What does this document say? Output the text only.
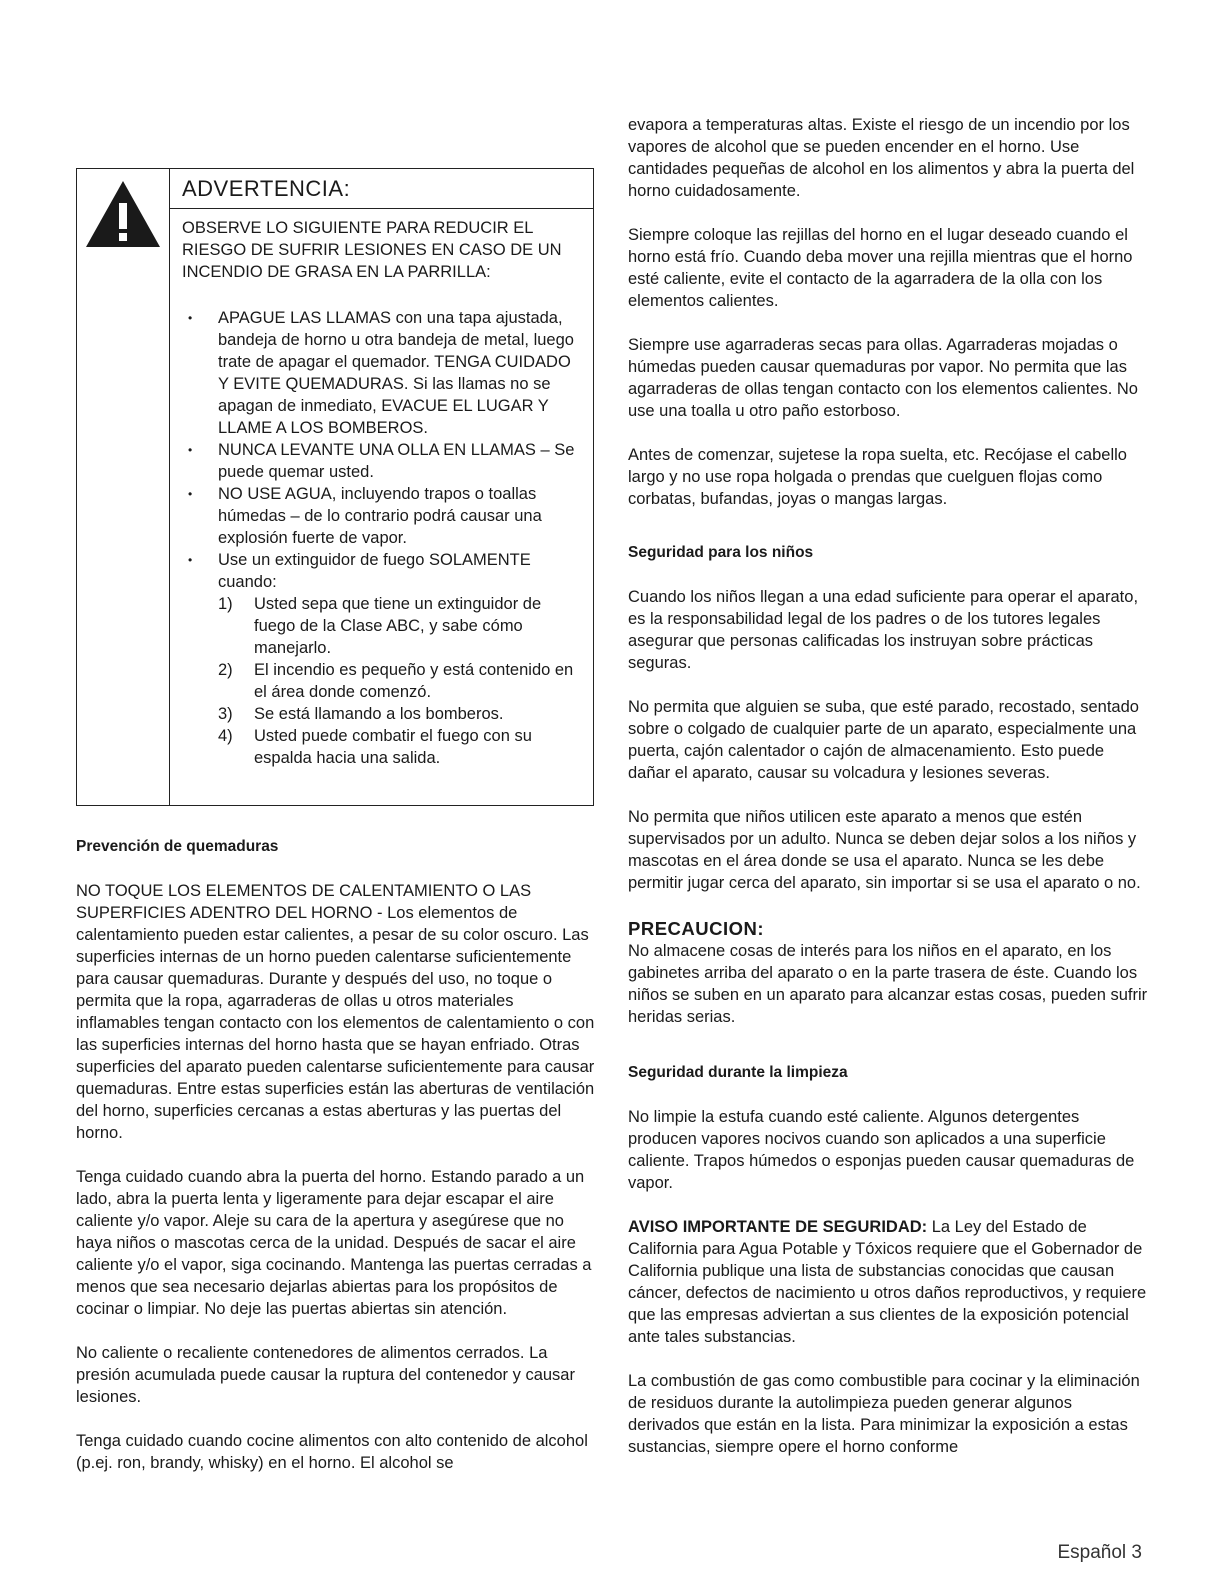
ADVERTENCIA:

OBSERVE LO SIGUIENTE PARA REDUCIR EL RIESGO DE SUFRIR LESIONES EN CASO DE UN INCENDIO DE GRASA EN LA PARRILLA:

• APAGUE LAS LLAMAS con una tapa ajustada, bandeja de horno u otra bandeja de metal, luego trate de apagar el quemador. TENGA CUIDADO Y EVITE QUEMADURAS. Si las llamas no se apagan de inmediato, EVACUE EL LUGAR Y LLAME A LOS BOMBEROS.
• NUNCA LEVANTE UNA OLLA EN LLAMAS – Se puede quemar usted.
• NO USE AGUA, incluyendo trapos o toallas húmedas – de lo contrario podrá causar una explosión fuerte de vapor.
• Use un extinguidor de fuego SOLAMENTE cuando:
1) Usted sepa que tiene un extinguidor de fuego de la Clase ABC, y sabe cómo manejarlo.
2) El incendio es pequeño y está contenido en el área donde comenzó.
3) Se está llamando a los bomberos.
4) Usted puede combatir el fuego con su espalda hacia una salida.
Prevención de quemaduras

NO TOQUE LOS ELEMENTOS DE CALENTAMIENTO O LAS SUPERFICIES ADENTRO DEL HORNO - Los elementos de calentamiento pueden estar calientes, a pesar de su color oscuro. Las superficies internas de un horno pueden calentarse suficientemente para causar quemaduras. Durante y después del uso, no toque o permita que la ropa, agarraderas de ollas u otros materiales inflamables tengan contacto con los elementos de calentamiento o con las superficies internas del horno hasta que se hayan enfriado. Otras superficies del aparato pueden calentarse suficientemente para causar quemaduras. Entre estas superficies están las aberturas de ventilación del horno, superficies cercanas a estas aberturas y las puertas del horno.

Tenga cuidado cuando abra la puerta del horno. Estando parado a un lado, abra la puerta lenta y ligeramente para dejar escapar el aire caliente y/o vapor. Aleje su cara de la apertura y asegúrese que no haya niños o mascotas cerca de la unidad. Después de sacar el aire caliente y/o el vapor, siga cocinando. Mantenga las puertas cerradas a menos que sea necesario dejarlas abiertas para los propósitos de cocinar o limpiar. No deje las puertas abiertas sin atención.

No caliente o recaliente contenedores de alimentos cerrados. La presión acumulada puede causar la ruptura del contenedor y causar lesiones.

Tenga cuidado cuando cocine alimentos con alto contenido de alcohol (p.ej. ron, brandy, whisky) en el horno. El alcohol se

evapora a temperaturas altas. Existe el riesgo de un incendio por los vapores de alcohol que se pueden encender en el horno. Use cantidades pequeñas de alcohol en los alimentos y abra la puerta del horno cuidadosamente.

Siempre coloque las rejillas del horno en el lugar deseado cuando el horno está frío. Cuando deba mover una rejilla mientras que el horno esté caliente, evite el contacto de la agarradera de la olla con los elementos calientes.

Siempre use agarraderas secas para ollas. Agarraderas mojadas o húmedas pueden causar quemaduras por vapor. No permita que las agarraderas de ollas tengan contacto con los elementos calientes. No use una toalla u otro paño estorboso.

Antes de comenzar, sujetese la ropa suelta, etc. Recójase el cabello largo y no use ropa holgada o prendas que cuelguen flojas como corbatas, bufandas, joyas o mangas largas.

Seguridad para los niños

Cuando los niños llegan a una edad suficiente para operar el aparato, es la responsabilidad legal de los padres o de los tutores legales asegurar que personas calificadas los instruyan sobre prácticas seguras.

No permita que alguien se suba, que esté parado, recostado, sentado sobre o colgado de cualquier parte de un aparato, especialmente una puerta, cajón calentador o cajón de almacenamiento. Esto puede dañar el aparato, causar su volcadura y lesiones severas.

No permita que niños utilicen este aparato a menos que estén supervisados por un adulto. Nunca se deben dejar solos a los niños y mascotas en el área donde se usa el aparato. Nunca se les debe permitir jugar cerca del aparato, sin importar si se usa el aparato o no.

PRECAUCION:

No almacene cosas de interés para los niños en el aparato, en los gabinetes arriba del aparato o en la parte trasera de éste. Cuando los niños se suben en un aparato para alcanzar estas cosas, pueden sufrir heridas serias.

Seguridad durante la limpieza

No limpie la estufa cuando esté caliente. Algunos detergentes producen vapores nocivos cuando son aplicados a una superficie caliente. Trapos húmedos o esponjas pueden causar quemaduras de vapor.

AVISO IMPORTANTE DE SEGURIDAD: La Ley del Estado de California para Agua Potable y Tóxicos requiere que el Gobernador de California publique una lista de substancias conocidas que causan cáncer, defectos de nacimiento u otros daños reproductivos, y requiere que las empresas adviertan a sus clientes de la exposición potencial ante tales substancias.

La combustión de gas como combustible para cocinar y la eliminación de residuos durante la autolimpieza pueden generar algunos derivados que están en la lista. Para minimizar la exposición a estas sustancias, siempre opere el horno conforme

Español 3
